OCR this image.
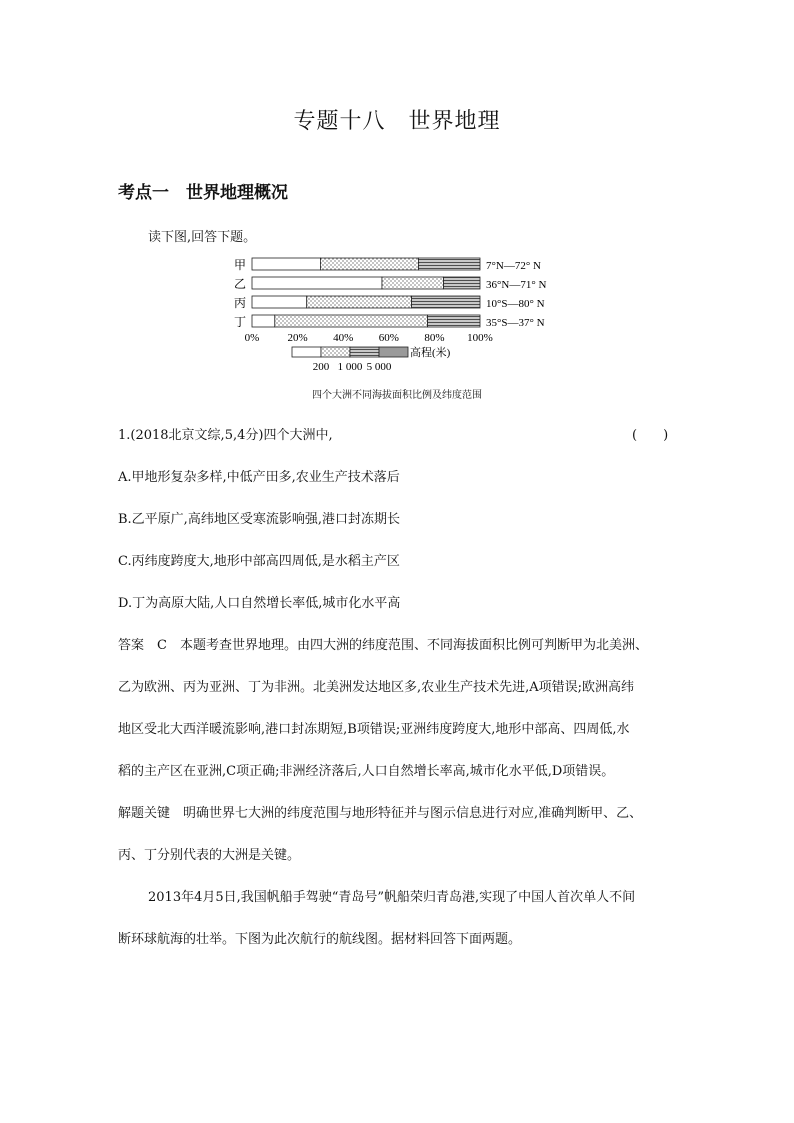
专题十八　世界地理
考点一　世界地理概况
读下图,回答下题。
甲
乙
丙
丁
7°N—72° N
36°N—71° N
10°S—80° N
35°S—37° N
0%	20% 40% 60% 80% 100%
高程(米)
200 1 000 5 000
四个大洲不同海拔面积比例及纬度范围
1.(2018北京文综,5,4分)四个大洲中,	(　　)
A.甲地形复杂多样,中低产田多,农业生产技术落后
B.乙平原广,高纬地区受寒流影响强,港口封冻期长
C.丙纬度跨度大,地形中部高四周低,是水稻主产区
D.丁为高原大陆,人口自然增长率低,城市化水平高
答案　C　本题考查世界地理。由四大洲的纬度范围、不同海拔面积比例可判断甲为北美洲、
乙为欧洲、丙为亚洲、丁为非洲。北美洲发达地区多,农业生产技术先进,A项错误;欧洲高纬
地区受北大西洋暖流影响,港口封冻期短,B项错误;亚洲纬度跨度大,地形中部高、四周低,水
稻的主产区在亚洲,C项正确;非洲经济落后,人口自然增长率高,城市化水平低,D项错误。
解题关键　明确世界七大洲的纬度范围与地形特征并与图示信息进行对应,准确判断甲、乙、
丙、丁分别代表的大洲是关键。
2013年4月5日,我国帆船手驾驶“青岛号”帆船荣归青岛港,实现了中国人首次单人不间
断环球航海的壮举。下图为此次航行的航线图。据材料回答下面两题。
